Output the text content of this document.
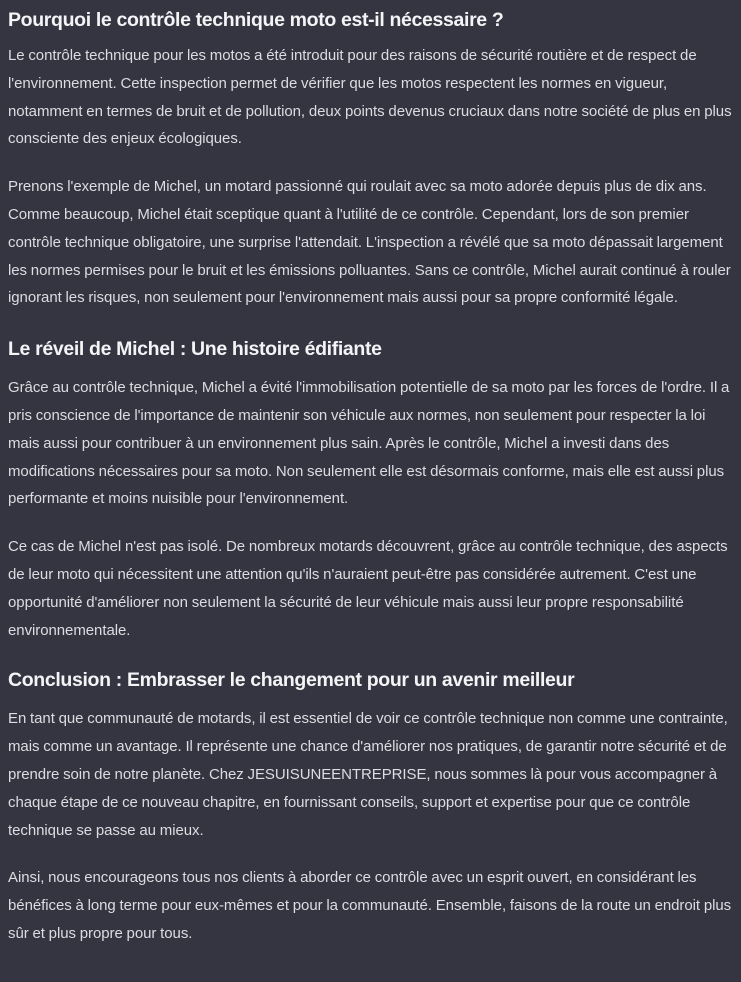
Pourquoi le contrôle technique moto est-il nécessaire ?

Le contrôle technique pour les motos a été introduit pour des raisons de sécurité routière et de respect de l'environnement. Cette inspection permet de vérifier que les motos respectent les normes en vigueur, notamment en termes de bruit et de pollution, deux points devenus cruciaux dans notre société de plus en plus consciente des enjeux écologiques.

Prenons l'exemple de Michel, un motard passionné qui roulait avec sa moto adorée depuis plus de dix ans. Comme beaucoup, Michel était sceptique quant à l'utilité de ce contrôle. Cependant, lors de son premier contrôle technique obligatoire, une surprise l'attendait. L'inspection a révélé que sa moto dépassait largement les normes permises pour le bruit et les émissions polluantes. Sans ce contrôle, Michel aurait continué à rouler ignorant les risques, non seulement pour l'environnement mais aussi pour sa propre conformité légale.

Le réveil de Michel : Une histoire édifiante

Grâce au contrôle technique, Michel a évité l'immobilisation potentielle de sa moto par les forces de l'ordre. Il a pris conscience de l'importance de maintenir son véhicule aux normes, non seulement pour respecter la loi mais aussi pour contribuer à un environnement plus sain. Après le contrôle, Michel a investi dans des modifications nécessaires pour sa moto. Non seulement elle est désormais conforme, mais elle est aussi plus performante et moins nuisible pour l'environnement.

Ce cas de Michel n'est pas isolé. De nombreux motards découvrent, grâce au contrôle technique, des aspects de leur moto qui nécessitent une attention qu'ils n'auraient peut-être pas considérée autrement. C'est une opportunité d'améliorer non seulement la sécurité de leur véhicule mais aussi leur propre responsabilité environnementale.

Conclusion : Embrasser le changement pour un avenir meilleur

En tant que communauté de motards, il est essentiel de voir ce contrôle technique non comme une contrainte, mais comme un avantage. Il représente une chance d'améliorer nos pratiques, de garantir notre sécurité et de prendre soin de notre planète. Chez JESUISUNEENTREPRISE, nous sommes là pour vous accompagner à chaque étape de ce nouveau chapitre, en fournissant conseils, support et expertise pour que ce contrôle technique se passe au mieux.

Ainsi, nous encourageons tous nos clients à aborder ce contrôle avec un esprit ouvert, en considérant les bénéfices à long terme pour eux-mêmes et pour la communauté. Ensemble, faisons de la route un endroit plus sûr et plus propre pour tous.
